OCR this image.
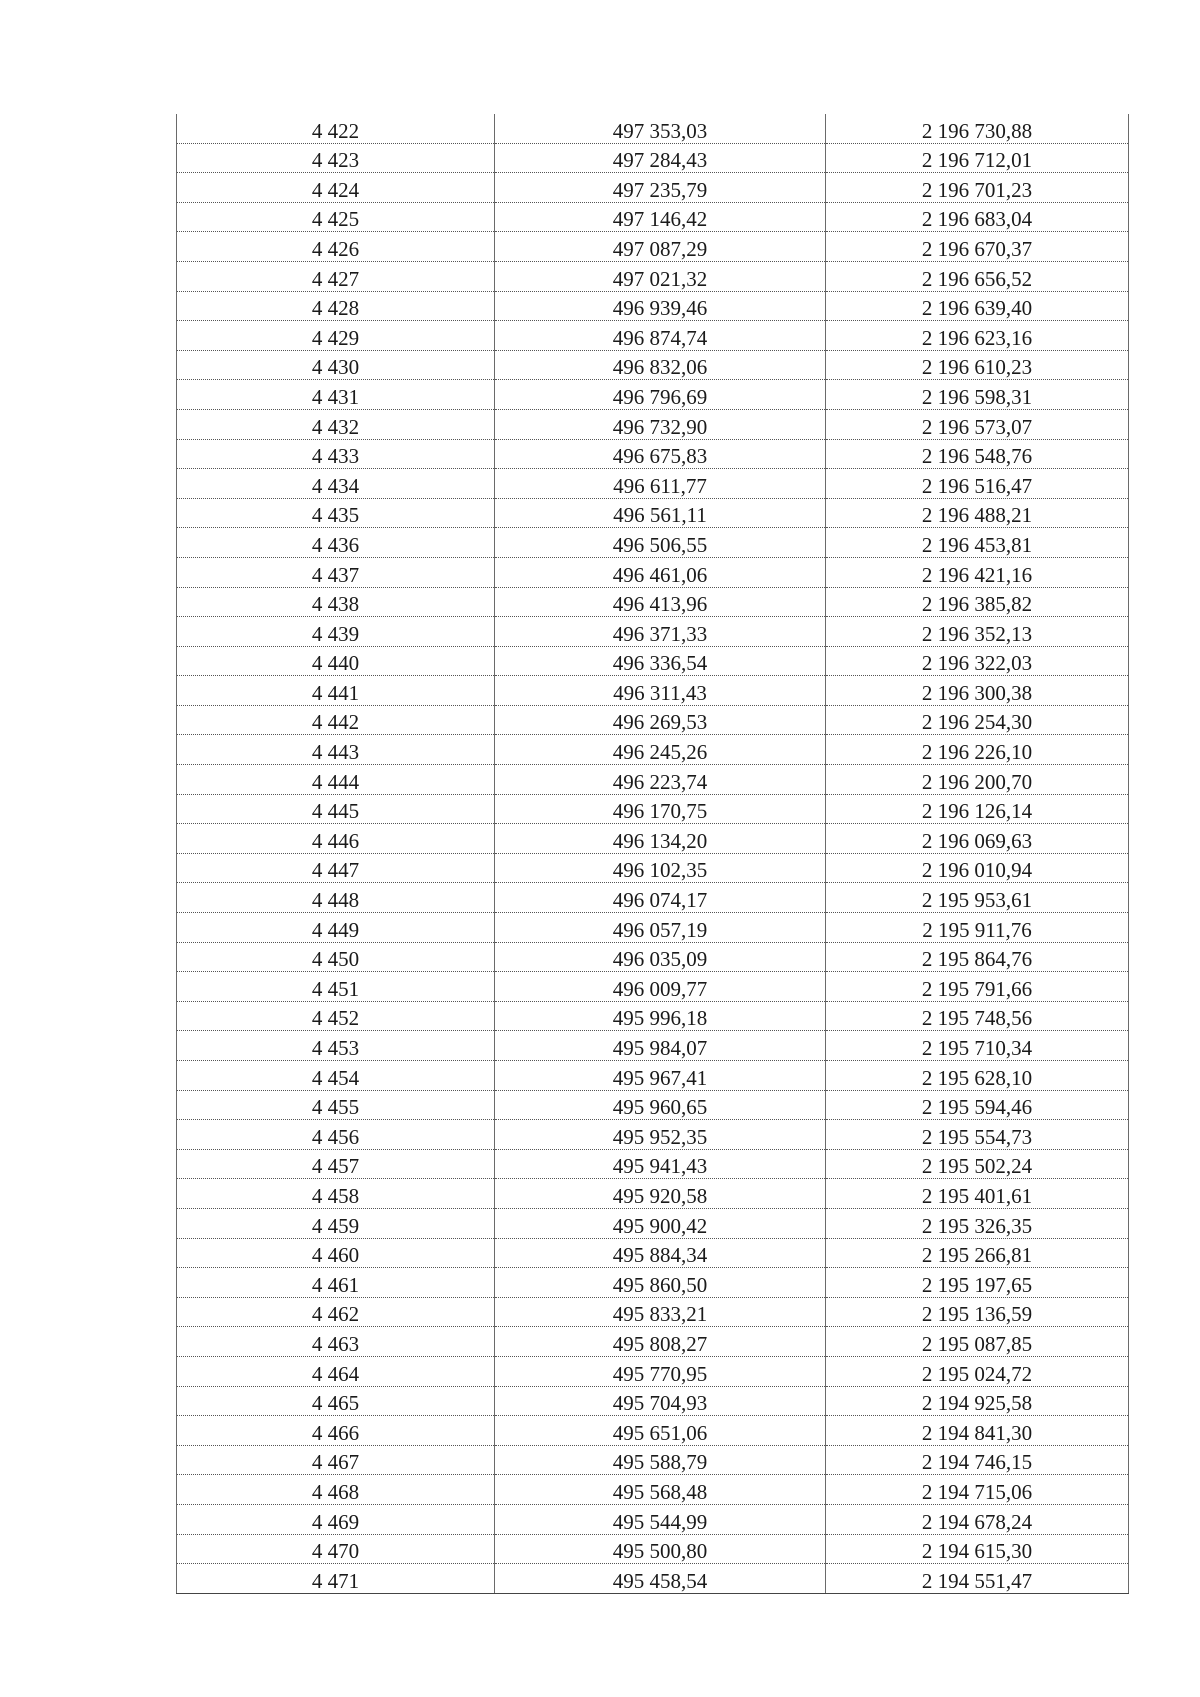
4 422	497 353,03	2 196 730,88
4 423	497 284,43	2 196 712,01
4 424	497 235,79	2 196 701,23
4 425	497 146,42	2 196 683,04
4 426	497 087,29	2 196 670,37
4 427	497 021,32	2 196 656,52
4 428	496 939,46	2 196 639,40
4 429	496 874,74	2 196 623,16
4 430	496 832,06	2 196 610,23
4 431	496 796,69	2 196 598,31
4 432	496 732,90	2 196 573,07
4 433	496 675,83	2 196 548,76
4 434	496 611,77	2 196 516,47
4 435	496 561,11	2 196 488,21
4 436	496 506,55	2 196 453,81
4 437	496 461,06	2 196 421,16
4 438	496 413,96	2 196 385,82
4 439	496 371,33	2 196 352,13
4 440	496 336,54	2 196 322,03
4 441	496 311,43	2 196 300,38
4 442	496 269,53	2 196 254,30
4 443	496 245,26	2 196 226,10
4 444	496 223,74	2 196 200,70
4 445	496 170,75	2 196 126,14
4 446	496 134,20	2 196 069,63
4 447	496 102,35	2 196 010,94
4 448	496 074,17	2 195 953,61
4 449	496 057,19	2 195 911,76
4 450	496 035,09	2 195 864,76
4 451	496 009,77	2 195 791,66
4 452	495 996,18	2 195 748,56
4 453	495 984,07	2 195 710,34
4 454	495 967,41	2 195 628,10
4 455	495 960,65	2 195 594,46
4 456	495 952,35	2 195 554,73
4 457	495 941,43	2 195 502,24
4 458	495 920,58	2 195 401,61
4 459	495 900,42	2 195 326,35
4 460	495 884,34	2 195 266,81
4 461	495 860,50	2 195 197,65
4 462	495 833,21	2 195 136,59
4 463	495 808,27	2 195 087,85
4 464	495 770,95	2 195 024,72
4 465	495 704,93	2 194 925,58
4 466	495 651,06	2 194 841,30
4 467	495 588,79	2 194 746,15
4 468	495 568,48	2 194 715,06
4 469	495 544,99	2 194 678,24
4 470	495 500,80	2 194 615,30
4 471	495 458,54	2 194 551,47
